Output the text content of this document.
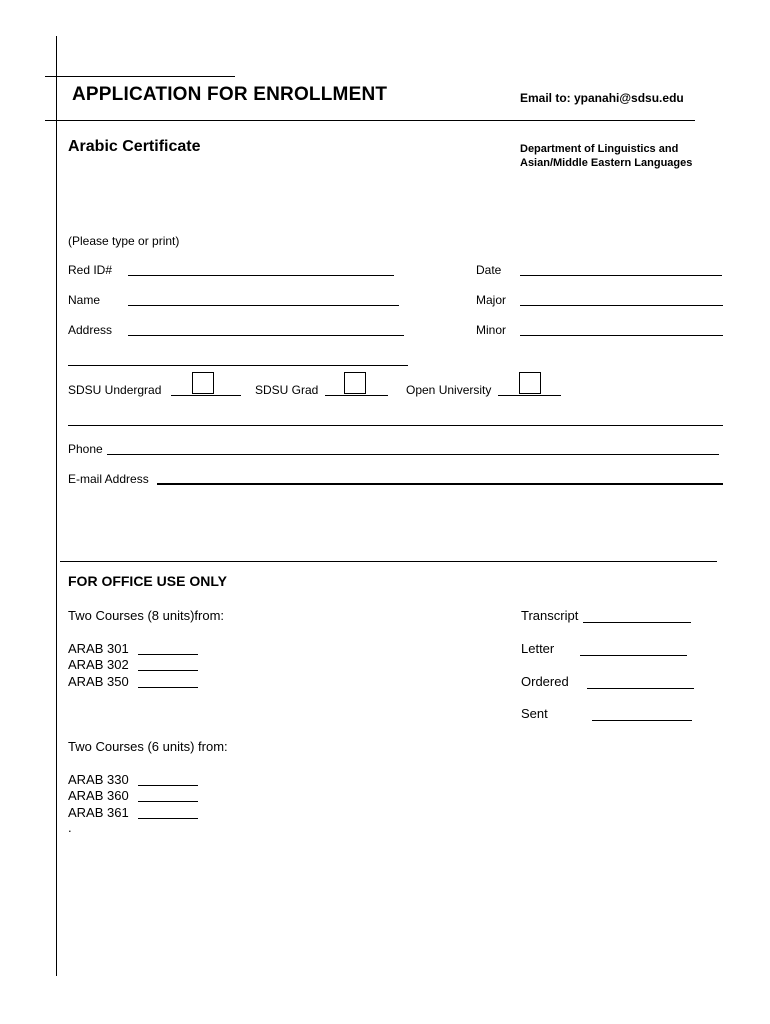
APPLICATION FOR ENROLLMENT	Email to: ypanahi@sdsu.edu
Arabic Certificate	Department of Linguistics and
Asian/Middle Eastern Languages
(Please type or print)
Red ID#	Date
Name	Major
Address	Minor
SDSU Undergrad	SDSU Grad	Open University
Phone
E-mail Address
FOR OFFICE USE ONLY
Two Courses (8 units)from:
ARAB 301
ARAB 302
ARAB 350
Two Courses (6 units) from:
ARAB 330
ARAB 360
ARAB 361
.
Transcript
Letter
Ordered
Sent
